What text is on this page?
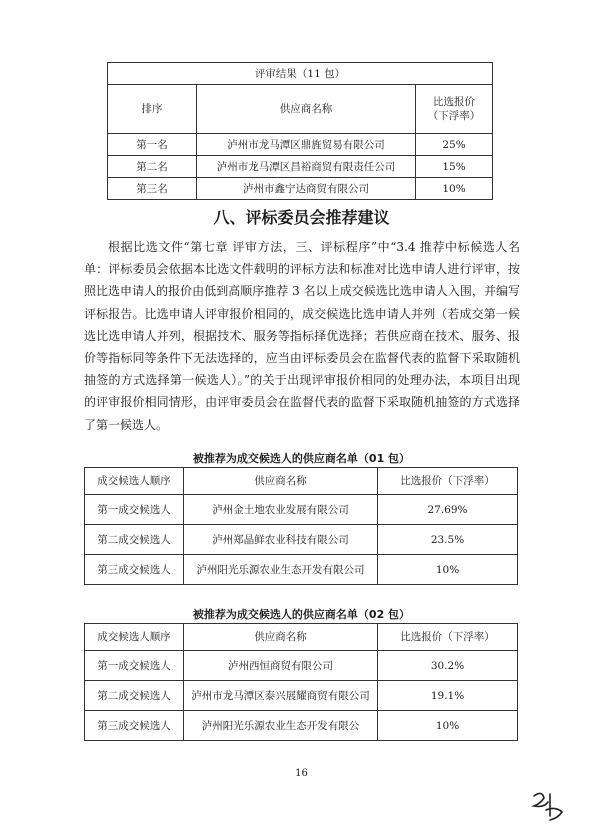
评审结果（11 包）		
排序	供应商名称	比选报价
（下浮率）
第一名	泸州市龙马潭区鼎旌贸易有限公司	25%
第二名	泸州市龙马潭区昌裕商贸有限责任公司	15%
第三名	泸州市鑫宁达商贸有限公司	10%
八、评标委员会推荐建议

根据比选文件“第七章 评审方法，三、评标程序”中“3.4 推荐中标候选人名单：评标委员会依据本比选文件载明的评标方法和标准对比选申请人进行评审，按照比选申请人的报价由低到高顺序推荐 3 名以上成交候选比选申请人入围，并编写评标报告。比选申请人评审报价相同的，成交候选比选申请人并列（若成交第一候选比选申请人并列，根据技术、服务等指标择优选择；若供应商在技术、服务、报价等指标同等条件下无法选择的，应当由评标委员会在监督代表的监督下采取随机抽签的方式选择第一候选人）。”的关于出现评审报价相同的处理办法，本项目出现的评审报价相同情形，由评审委员会在监督代表的监督下采取随机抽签的方式选择了第一候选人。

被推荐为成交候选人的供应商名单（01 包）
成交候选人顺序	供应商名称	比选报价（下浮率）
第一成交候选人	泸州金土地农业发展有限公司	27.69%
第二成交候选人	泸州郑晶鲜农业科技有限公司	23.5%
第三成交候选人	泸州阳光乐源农业生态开发有限公司	10%
被推荐为成交候选人的供应商名单（02 包）
成交候选人顺序	供应商名称	比选报价（下浮率）
第一成交候选人	泸州西恒商贸有限公司	30.2%
第二成交候选人	泸州市龙马潭区泰兴展耀商贸有限公司	19.1%
第三成交候选人	泸州阳光乐源农业生态开发有限公	10%
16
